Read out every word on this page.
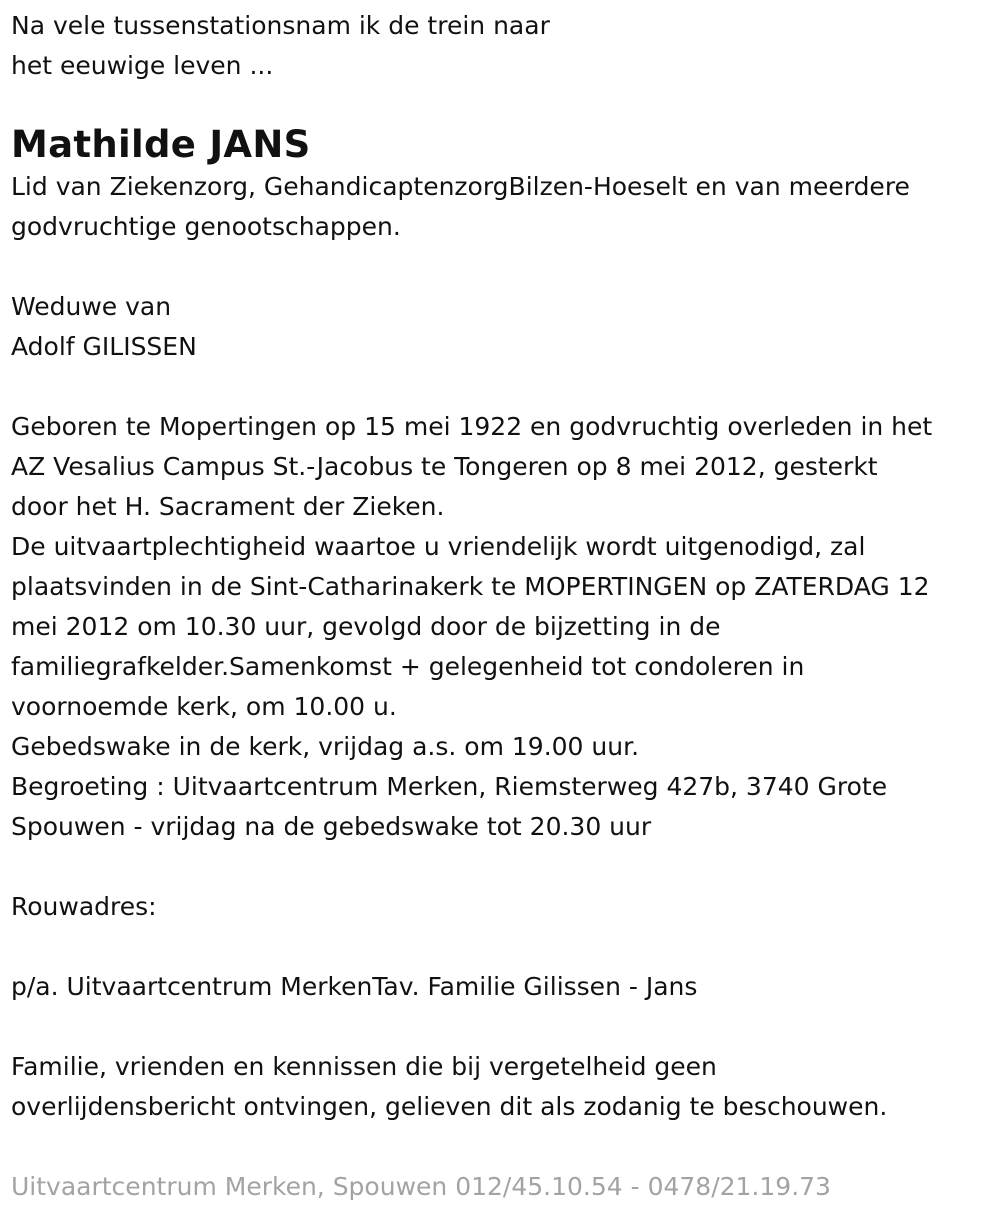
Na vele tussenstationsnam ik de trein naar
het eeuwige leven ...
Mathilde JANS
Lid van Ziekenzorg, GehandicaptenzorgBilzen-Hoeselt en van meerdere
godvruchtige genootschappen.
Weduwe van
Adolf GILISSEN
Geboren te Mopertingen op 15 mei 1922 en godvruchtig overleden in het
AZ Vesalius Campus St.-Jacobus te Tongeren op 8 mei 2012, gesterkt
door het H. Sacrament der Zieken.
De uitvaartplechtigheid waartoe u vriendelijk wordt uitgenodigd, zal
plaatsvinden in de Sint-Catharinakerk te MOPERTINGEN op ZATERDAG 12
mei 2012 om 10.30 uur, gevolgd door de bijzetting in de
familiegrafkelder.Samenkomst + gelegenheid tot condoleren in
voornoemde kerk, om 10.00 u.
Gebedswake in de kerk, vrijdag a.s. om 19.00 uur.
Begroeting : Uitvaartcentrum Merken, Riemsterweg 427b, 3740 Grote
Spouwen - vrijdag na de gebedswake tot 20.30 uur
Rouwadres:
p/a. Uitvaartcentrum MerkenTav. Familie Gilissen - Jans
Familie, vrienden en kennissen die bij vergetelheid geen
overlijdensbericht ontvingen, gelieven dit als zodanig te beschouwen.
Uitvaartcentrum Merken, Spouwen 012/45.10.54 - 0478/21.19.73
